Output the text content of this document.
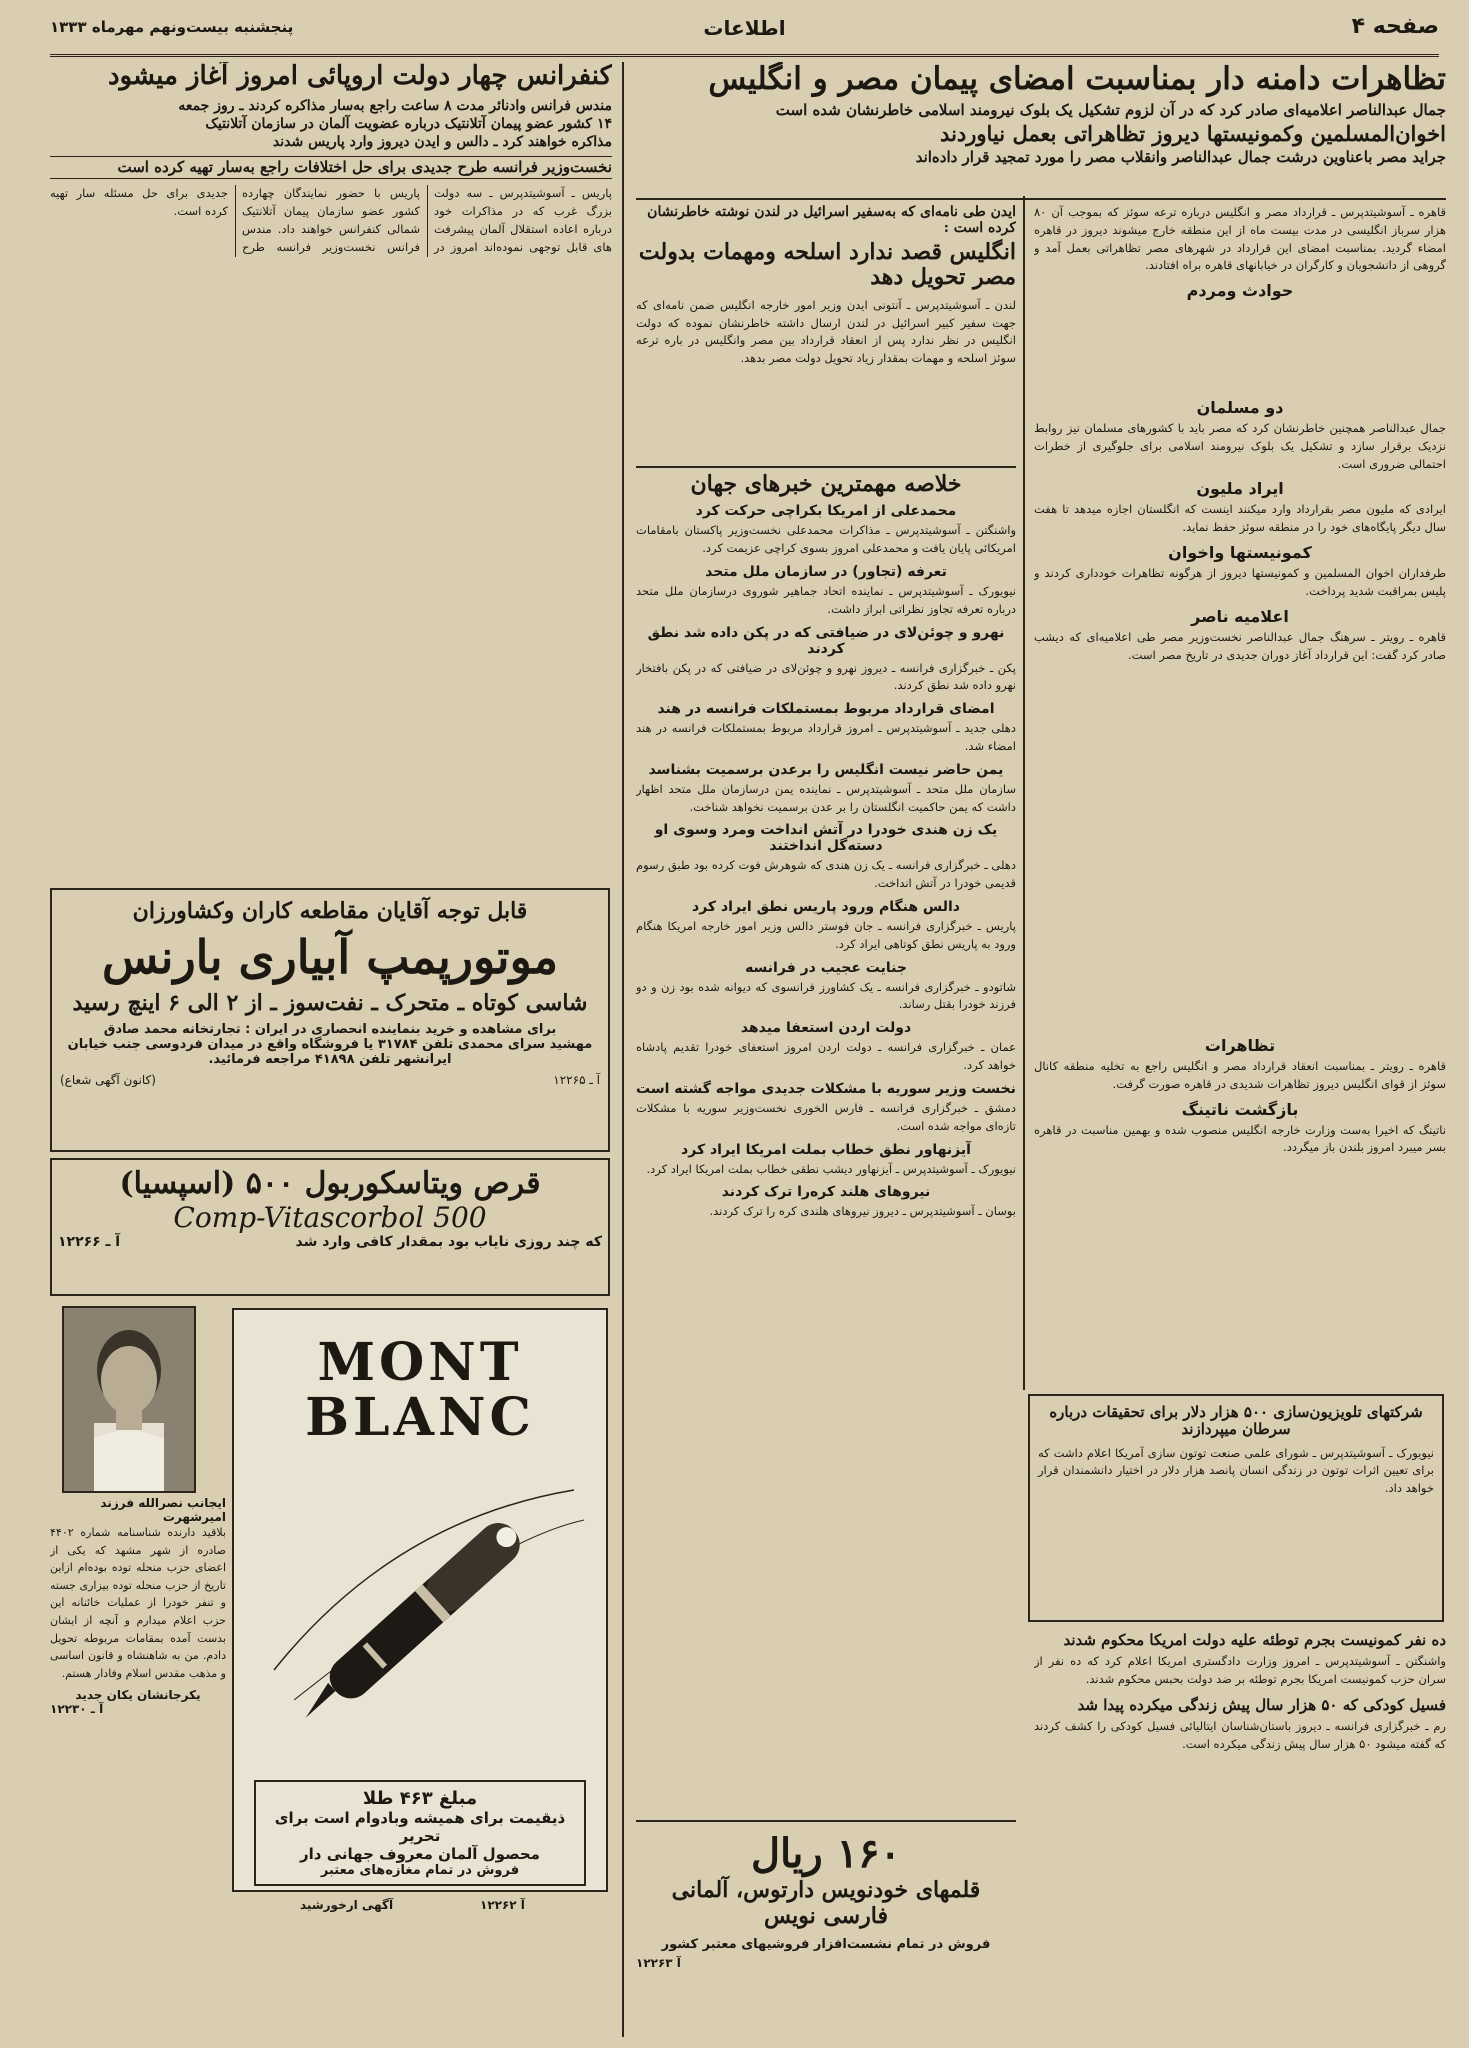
صفحه ۴
اطلاعات
پنجشنبه بیست‌ونهم مهرماه ۱۳۳۳
تظاهرات دامنه دار بمناسبت امضای پیمان مصر و انگلیس
جمال عبدالناصر اعلامیه‌ای صادر کرد که در آن لزوم تشکیل یک بلوک نیرومند اسلامی خاطرنشان شده است
اخوان‌المسلمین وکمونیستها دیروز تظاهراتی بعمل نیاوردند
جراید مصر باعناوین درشت جمال عبدالناصر وانقلاب مصر را مورد تمجید قرار داده‌اند
قاهره ـ آسوشیتدپرس ـ قرارداد مصر و انگلیس درباره ترعه سوئز که بموجب آن ۸۰ هزار سرباز انگلیسی در مدت بیست ماه از این منطقه خارج میشوند دیروز در قاهره امضاء گردید. بمناسبت امضای این قرارداد در شهرهای مصر تظاهراتی بعمل آمد و گروهی از دانشجویان و کارگران در خیابانهای قاهره براه افتادند.
حوادث ومردم
ایدن طی نامه‌ای که به‌سفیر اسرائیل در لندن نوشته خاطرنشان کرده است :
انگلیس قصد ندارد اسلحه ومهمات بدولت مصر تحویل دهد
لندن ـ آسوشیتدپرس ـ آنتونی ایدن وزیر امور خارجه انگلیس ضمن نامه‌ای که جهت سفیر کبیر اسرائیل در لندن ارسال داشته خاطرنشان نموده که دولت انگلیس در نظر ندارد پس از انعقاد قرارداد بین مصر وانگلیس در باره ترعه سوئز اسلحه و مهمات بمقدار زیاد تحویل دولت مصر بدهد.
دو مسلمان
جمال عبدالناصر همچنین خاطرنشان کرد که مصر باید با کشورهای مسلمان نیز روابط نزدیک برقرار سازد و تشکیل یک بلوک نیرومند اسلامی برای جلوگیری از خطرات احتمالی ضروری است.
ایراد ملیون
ایرادی که ملیون مصر بقرارداد وارد میکنند اینست که انگلستان اجازه میدهد تا هفت سال دیگر پایگاه‌های خود را در منطقه سوئز حفظ نماید.
کمونیستها واخوان
طرفداران اخوان المسلمین و کمونیستها دیروز از هرگونه تظاهرات خودداری کردند و پلیس بمراقبت شدید پرداخت.
اعلامیه ناصر
قاهره ـ رویتر ـ سرهنگ جمال عبدالناصر نخست‌وزیر مصر طی اعلامیه‌ای که دیشب صادر کرد گفت: این قرارداد آغاز دوران جدیدی در تاریخ مصر است.
خلاصه مهمترین خبرهای جهان
محمدعلی از امریکا بکراچی حرکت کرد
واشنگتن ـ آسوشیتدپرس ـ مذاکرات محمدعلی نخست‌وزیر پاکستان بامقامات امریکائی پایان یافت و محمدعلی امروز بسوی کراچی عزیمت کرد.
تعرفه (تجاور) در سازمان ملل متحد
نیویورک ـ آسوشیتدپرس ـ نماینده اتحاد جماهیر شوروی درسازمان ملل متحد درباره تعرفه تجاوز نظراتی ابراز داشت.
نهرو و چوئن‌لای در ضیافتی که در پکن داده شد نطق کردند
پکن ـ خبرگزاری فرانسه ـ دیروز نهرو و چوئن‌لای در ضیافتی که در پکن بافتخار نهرو داده شد نطق کردند.
امضای قرارداد مربوط بمستملکات فرانسه در هند
دهلی جدید ـ آسوشیتدپرس ـ امروز قرارداد مربوط بمستملکات فرانسه در هند امضاء شد.
یمن حاضر نیست انگلیس را برعدن برسمیت بشناسد
سازمان ملل متحد ـ آسوشیتدپرس ـ نماینده یمن درسازمان ملل متحد اظهار داشت که یمن حاکمیت انگلستان را بر عدن برسمیت نخواهد شناخت.
یک زن هندی خودرا در آتش انداخت ومرد وسوی او دسته‌گل انداختند
دهلی ـ خبرگزاری فرانسه ـ یک زن هندی که شوهرش فوت کرده بود طبق رسوم قدیمی خودرا در آتش انداخت.
دالس هنگام ورود پاریس نطق ایراد کرد
پاریس ـ خبرگزاری فرانسه ـ جان فوستر دالس وزیر امور خارجه امریکا هنگام ورود به پاریس نطق کوتاهی ایراد کرد.
جنایت عجیب در فرانسه
شاتودو ـ خبرگزاری فرانسه ـ یک کشاورز فرانسوی که دیوانه شده بود زن و دو فرزند خودرا بقتل رساند.
دولت اردن استعفا میدهد
عمان ـ خبرگزاری فرانسه ـ دولت اردن امروز استعفای خودرا تقدیم پادشاه خواهد کرد.
نخست وزیر سوریه با مشکلات جدیدی مواجه گشته است
دمشق ـ خبرگزاری فرانسه ـ فارس الخوری نخست‌وزیر سوریه با مشکلات تازه‌ای مواجه شده است.
آیزنهاور نطق خطاب بملت امریکا ایراد کرد
نیویورک ـ آسوشیتدپرس ـ آیزنهاور دیشب نطقی خطاب بملت امریکا ایراد کرد.
نیروهای هلند کره‌را ترک کردند
بوسان ـ آسوشیتدپرس ـ دیروز نیروهای هلندی کره را ترک کردند.
تظاهرات
قاهره ـ رویتر ـ بمناسبت انعقاد قرارداد مصر و انگلیس راجع به تخلیه منطقه کانال سوئز از قوای انگلیس دیروز تظاهرات شدیدی در قاهره صورت گرفت.
بازگشت ناتینگ
ناتینگ که اخیرا به‌ست وزارت خارجه انگلیس منصوب شده و بهمین مناسبت در قاهره بسر میبرد امروز بلندن باز میگردد.
شرکتهای تلویزیون‌سازی ۵۰۰ هزار دلار برای تحقیقات درباره سرطان میپردازند
نیویورک ـ آسوشیتدپرس ـ شورای علمی صنعت توتون سازی آمریکا اعلام داشت که برای تعیین اثرات توتون در زندگی انسان پانصد هزار دلار در اختیار دانشمندان قرار خواهد داد.
ده نفر کمونیست بجرم توطئه علیه دولت امریکا محکوم شدند
واشنگتن ـ آسوشیتدپرس ـ امروز وزارت دادگستری امریکا اعلام کرد که ده نفر از سران حزب کمونیست امریکا بجرم توطئه بر ضد دولت بحبس محکوم شدند.
فسیل کودکی که ۵۰ هزار سال پیش زندگی میکرده پیدا شد
رم ـ خبرگزاری فرانسه ـ دیروز باستان‌شناسان ایتالیائی فسیل کودکی را کشف کردند که گفته میشود ۵۰ هزار سال پیش زندگی میکرده است.
کنفرانس چهار دولت اروپائی امروز آغاز میشود
مندس فرانس وادنائر مدت ۸ ساعت راجع به‌سار مذاکره کردند ـ روز جمعه
۱۴ کشور عضو پیمان آتلانتیک درباره عضویت آلمان در سازمان آتلانتیک
مذاکره خواهند کرد ـ دالس و ایدن دیروز وارد پاریس شدند
نخست‌وزیر فرانسه طرح جدیدی برای حل اختلافات راجع به‌سار تهیه کرده است
پاریس ـ آسوشیتدپرس ـ سه دولت بزرگ غرب که در مذاکرات خود درباره اعاده استقلال آلمان پیشرفت های قابل توجهی نموده‌اند امروز در پاریس با حضور نمایندگان چهارده کشور عضو سازمان پیمان آتلانتیک شمالی کنفرانس خواهند داد. مندس فرانس نخست‌وزیر فرانسه طرح جدیدی برای حل مسئله سار تهیه کرده است.
قابل توجه آقایان مقاطعه کاران وکشاورزان
موتورپمپ آبیاری بارنس
شاسی کوتاه ـ متحرک ـ نفت‌سوز ـ از ۲ الی ۶ اینچ رسید
برای مشاهده و خرید بنماینده انحصاری در ایران : تجارتخانه محمد صادق
مهشید سرای محمدی تلفن ۳۱۷۸۴ یا فروشگاه واقع در میدان فردوسی جنب خیابان
ایرانشهر تلفن ۴۱۸۹۸ مراجعه فرمائید.
آ ـ ۱۲۲۶۵
(کانون آگهی شعاع)
قرص ویتاسکوربول ۵۰۰ (اسپسیا)
Comp-Vitascorbol 500
که چند روزی نایاب بود بمقدار کافی وارد شد
آ ـ ۱۲۲۶۶
ایجانب نصرالله فرزند امیرشهرت
بلاقید دارنده شناسنامه شماره ۴۴۰۲ صادره از شهر مشهد که یکی از اعضای حزب منحله توده بوده‌ام ازاین تاریخ از حزب منحله توده بیزاری جسته و تنفر خودرا از عملیات خائنانه این حزب اعلام میدارم و آنچه از ایشان بدست آمده بمقامات مربوطه تحویل دادم. من به شاهنشاه و قانون اساسی و مذهب مقدس اسلام وفادار هستم.
یکرجانشان یکان جدید
آ ـ ۱۲۲۳۰
MONT
BLANC
مبلغ ۴۶۳ طلا
ذیقیمت برای همیشه وبادوام است برای تحریر
محصول آلمان معروف جهانی دار
فروش در تمام مغازه‌های معتبر
آگهی ارخورشید	آ ۱۲۲۶۲
۱۶۰ ریال
قلمهای خودنویس دارتوس، آلمانی فارسی نویس
فروش در تمام نشست‌افزار فروشیهای معتبر کشور
آ ۱۲۲۶۳
